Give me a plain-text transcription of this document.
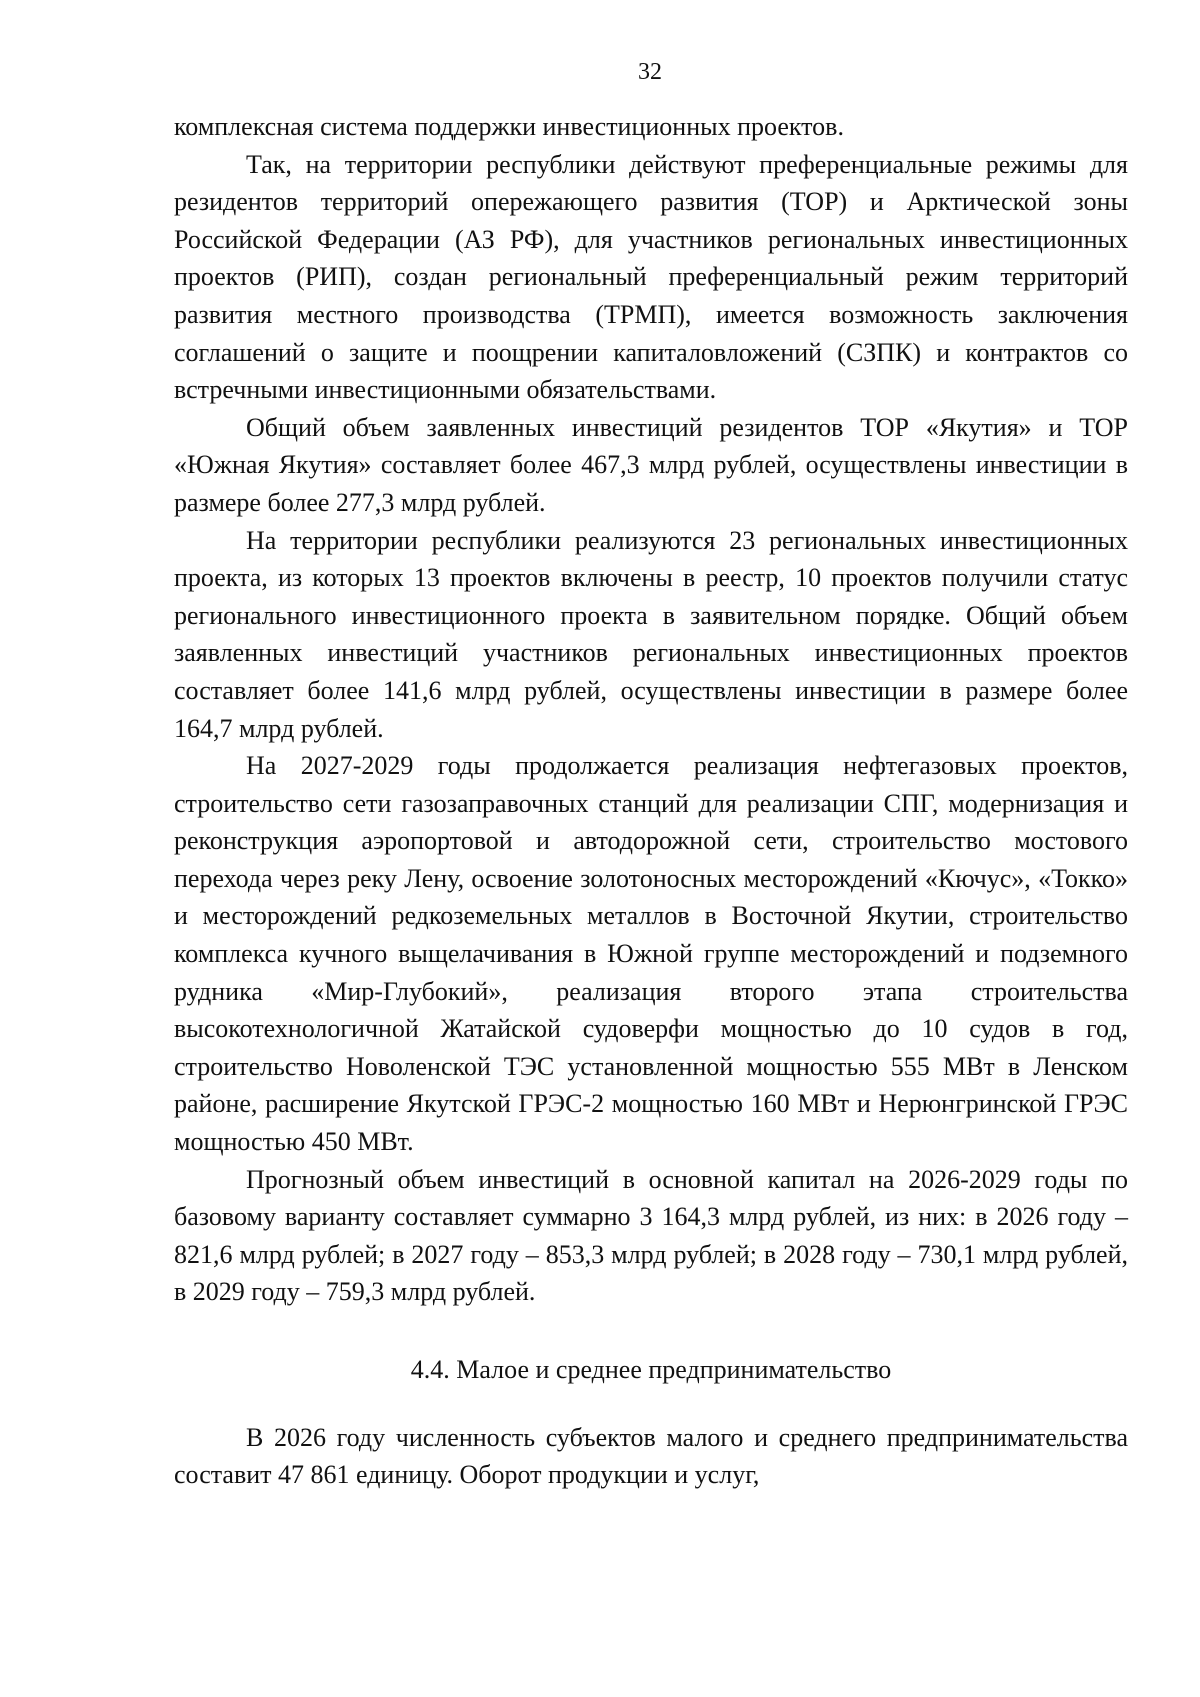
32

комплексная система поддержки инвестиционных проектов.

Так, на территории республики действуют преференциальные режимы для резидентов территорий опережающего развития (ТОР) и Арктической зоны Российской Федерации (АЗ РФ), для участников региональных инвестиционных проектов (РИП), создан региональный преференциальный режим территорий развития местного производства (ТРМП), имеется возможность заключения соглашений о защите и поощрении капиталовложений (СЗПК) и контрактов со встречными инвестиционными обязательствами.

Общий объем заявленных инвестиций резидентов ТОР «Якутия» и ТОР «Южная Якутия» составляет более 467,3 млрд рублей, осуществлены инвестиции в размере более 277,3 млрд рублей.

На территории республики реализуются 23 региональных инвестиционных проекта, из которых 13 проектов включены в реестр, 10 проектов получили статус регионального инвестиционного проекта в заявительном порядке. Общий объем заявленных инвестиций участников региональных инвестиционных проектов составляет более 141,6 млрд рублей, осуществлены инвестиции в размере более 164,7 млрд рублей.

На 2027-2029 годы продолжается реализация нефтегазовых проектов, строительство сети газозаправочных станций для реализации СПГ, модернизация и реконструкция аэропортовой и автодорожной сети, строительство мостового перехода через реку Лену, освоение золотоносных месторождений «Кючус», «Токко» и месторождений редкоземельных металлов в Восточной Якутии, строительство комплекса кучного выщелачивания в Южной группе месторождений и подземного рудника «Мир-Глубокий», реализация второго этапа строительства высокотехнологичной Жатайской судоверфи мощностью до 10 судов в год, строительство Новоленской ТЭС установленной мощностью 555 МВт в Ленском районе, расширение Якутской ГРЭС-2 мощностью 160 МВт и Нерюнгринской ГРЭС мощностью 450 МВт.

Прогнозный объем инвестиций в основной капитал на 2026-2029 годы по базовому варианту составляет суммарно 3 164,3 млрд рублей, из них: в 2026 году – 821,6 млрд рублей; в 2027 году – 853,3 млрд рублей; в 2028 году – 730,1 млрд рублей, в 2029 году – 759,3 млрд рублей.

4.4. Малое и среднее предпринимательство

В 2026 году численность субъектов малого и среднего предпринимательства составит 47 861 единицу. Оборот продукции и услуг,
